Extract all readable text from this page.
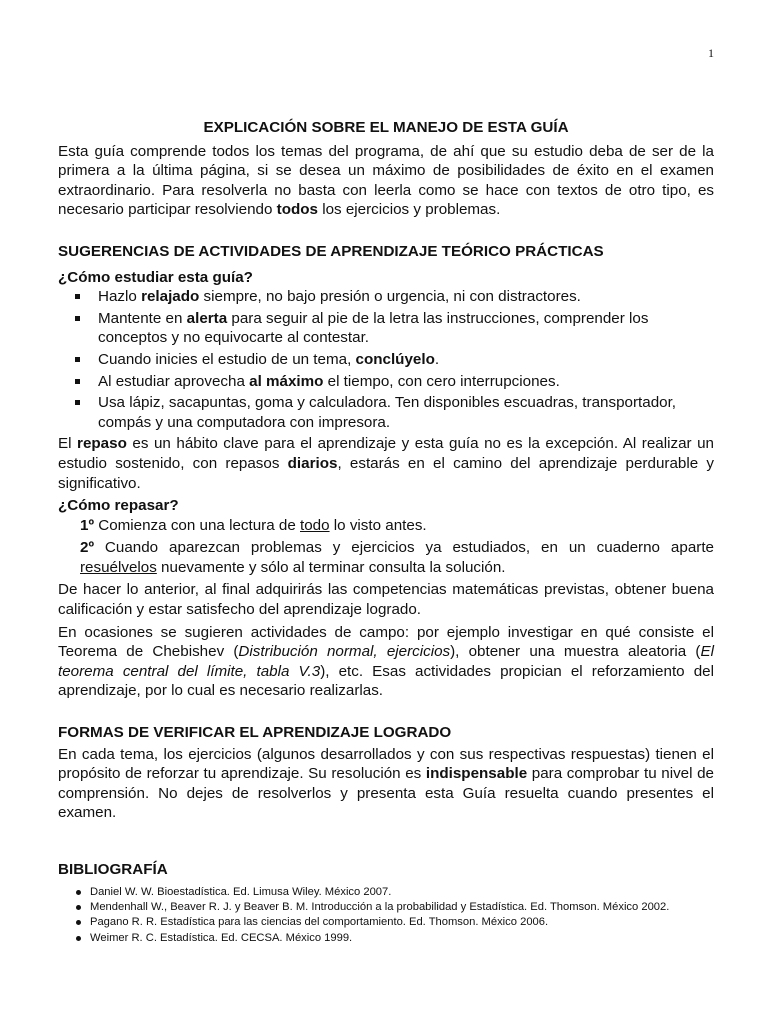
1
EXPLICACIÓN SOBRE EL MANEJO DE ESTA GUÍA

Esta guía comprende todos los temas del programa, de ahí que su estudio deba de ser de la primera a la última página, si se desea un máximo de posibilidades de éxito en el examen extraordinario. Para resolverla no basta con leerla como se hace con textos de otro tipo, es necesario participar resolviendo todos los ejercicios y problemas.

SUGERENCIAS DE ACTIVIDADES DE APRENDIZAJE TEÓRICO PRÁCTICAS
¿Cómo estudiar esta guía?
Hazlo relajado siempre, no bajo presión o urgencia, ni con distractores.
Mantente en alerta para seguir al pie de la letra las instrucciones, comprender los conceptos y no equivocarte al contestar.
Cuando inicies el estudio de un tema, conclúyelo.
Al estudiar aprovecha al máximo el tiempo, con cero interrupciones.
Usa lápiz, sacapuntas, goma y calculadora. Ten disponibles escuadras, transportador, compás y una computadora con impresora.

El repaso es un hábito clave para el aprendizaje y esta guía no es la excepción. Al realizar un estudio sostenido, con repasos diarios, estarás en el camino del aprendizaje perdurable y significativo.

¿Cómo repasar?

1º Comienza con una lectura de todo lo visto antes.

2º Cuando aparezcan problemas y ejercicios ya estudiados, en un cuaderno aparte resuélvelos nuevamente y sólo al terminar consulta la solución.

De hacer lo anterior, al final adquirirás las competencias matemáticas previstas, obtener buena calificación y estar satisfecho del aprendizaje logrado.

En ocasiones se sugieren actividades de campo: por ejemplo investigar en qué consiste el Teorema de Chebishev (Distribución normal, ejercicios), obtener una muestra aleatoria (El teorema central del límite, tabla V.3), etc. Esas actividades propician el reforzamiento del aprendizaje, por lo cual es necesario realizarlas.

FORMAS DE VERIFICAR EL APRENDIZAJE LOGRADO

En cada tema, los ejercicios (algunos desarrollados y con sus respectivas respuestas) tienen el propósito de reforzar tu aprendizaje. Su resolución es indispensable para comprobar tu nivel de comprensión. No dejes de resolverlos y presenta esta Guía resuelta cuando presentes el examen.

BIBLIOGRAFÍA
Daniel W. W. Bioestadística. Ed. Limusa Wiley. México 2007.
Mendenhall W., Beaver R. J. y Beaver B. M. Introducción a la probabilidad y Estadística. Ed. Thomson. México 2002.
Pagano R. R. Estadística para las ciencias del comportamiento. Ed. Thomson. México 2006.
Weimer R. C. Estadística. Ed. CECSA. México 1999.
